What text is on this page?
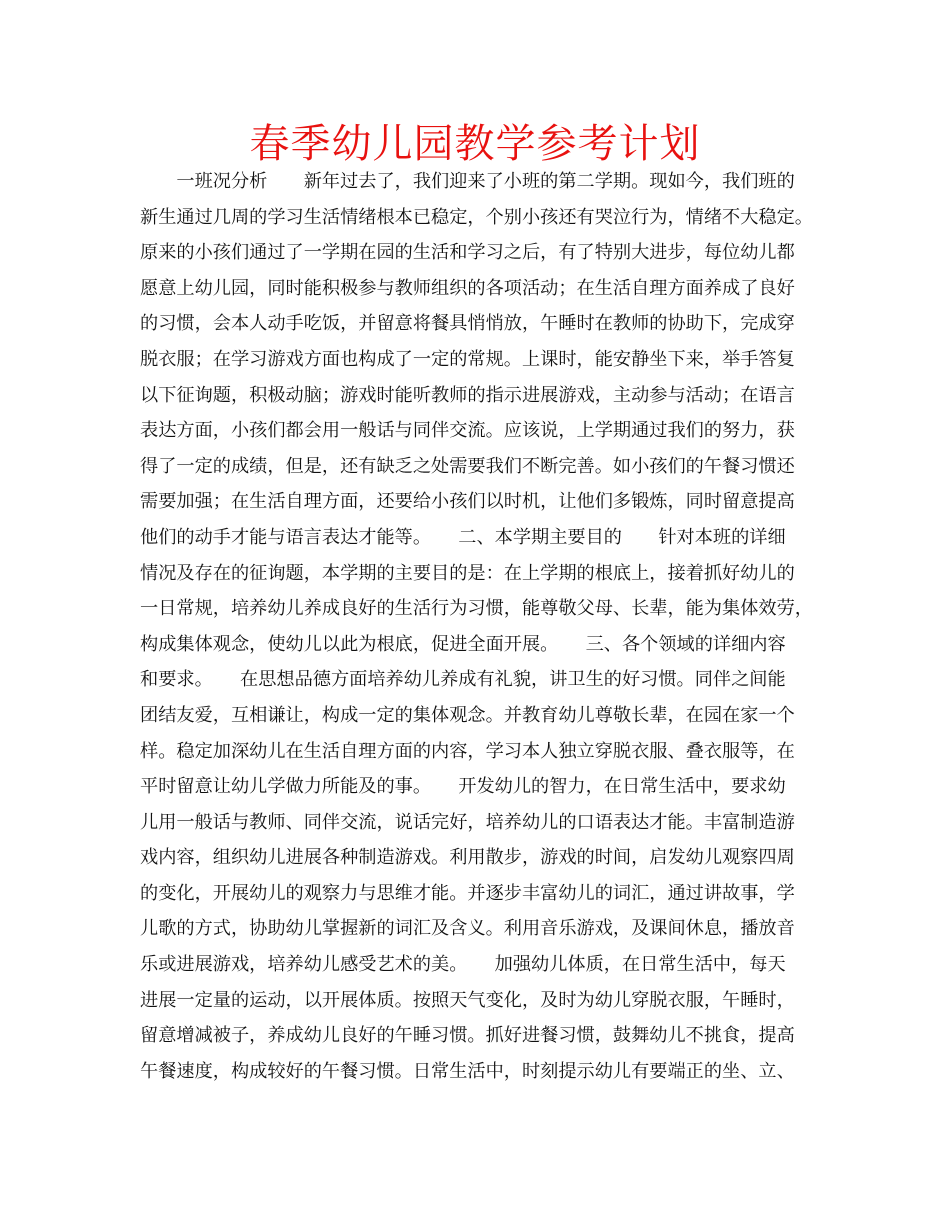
春季幼儿园教学参考计划
　　一班况分析　　新年过去了，我们迎来了小班的第二学期。现如今，我们班的
新生通过几周的学习生活情绪根本已稳定，个别小孩还有哭泣行为，情绪不大稳定。
原来的小孩们通过了一学期在园的生活和学习之后，有了特别大进步，每位幼儿都
愿意上幼儿园，同时能积极参与教师组织的各项活动；在生活自理方面养成了良好
的习惯，会本人动手吃饭，并留意将餐具悄悄放，午睡时在教师的协助下，完成穿
脱衣服；在学习游戏方面也构成了一定的常规。上课时，能安静坐下来，举手答复
以下征询题，积极动脑；游戏时能听教师的指示进展游戏，主动参与活动；在语言
表达方面，小孩们都会用一般话与同伴交流。应该说，上学期通过我们的努力，获
得了一定的成绩，但是，还有缺乏之处需要我们不断完善。如小孩们的午餐习惯还
需要加强；在生活自理方面，还要给小孩们以时机，让他们多锻炼，同时留意提高
他们的动手才能与语言表达才能等。　　二、本学期主要目的　　针对本班的详细
情况及存在的征询题，本学期的主要目的是：在上学期的根底上，接着抓好幼儿的
一日常规，培养幼儿养成良好的生活行为习惯，能尊敬父母、长辈，能为集体效劳，
构成集体观念，使幼儿以此为根底，促进全面开展。　　三、各个领域的详细内容
和要求。　　在思想品德方面培养幼儿养成有礼貌，讲卫生的好习惯。同伴之间能
团结友爱，互相谦让，构成一定的集体观念。并教育幼儿尊敬长辈，在园在家一个
样。稳定加深幼儿在生活自理方面的内容，学习本人独立穿脱衣服、叠衣服等，在
平时留意让幼儿学做力所能及的事。　　开发幼儿的智力，在日常生活中，要求幼
儿用一般话与教师、同伴交流，说话完好，培养幼儿的口语表达才能。丰富制造游
戏内容，组织幼儿进展各种制造游戏。利用散步，游戏的时间，启发幼儿观察四周
的变化，开展幼儿的观察力与思维才能。并逐步丰富幼儿的词汇，通过讲故事，学
儿歌的方式，协助幼儿掌握新的词汇及含义。利用音乐游戏，及课间休息，播放音
乐或进展游戏，培养幼儿感受艺术的美。　　加强幼儿体质，在日常生活中，每天
进展一定量的运动，以开展体质。按照天气变化，及时为幼儿穿脱衣服，午睡时，
留意增减被子，养成幼儿良好的午睡习惯。抓好进餐习惯，鼓舞幼儿不挑食，提高
午餐速度，构成较好的午餐习惯。日常生活中，时刻提示幼儿有要端正的坐、立、
